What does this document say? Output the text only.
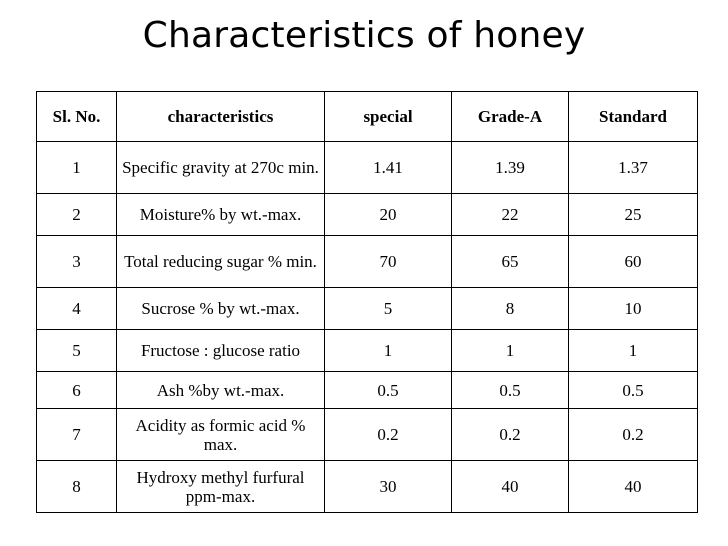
Characteristics of honey
Sl. No.	characteristics	special	Grade-A	Standard
1	Specific gravity at 270c min.	1.41	1.39	1.37
2	Moisture% by wt.-max.	20	22	25
3	Total reducing sugar % min.	70	65	60
4	Sucrose % by wt.-max.	5	8	10
5	Fructose : glucose ratio	1	1	1
6	Ash %by wt.-max.	0.5	0.5	0.5
7	Acidity as formic acid % max.	0.2	0.2	0.2
8	Hydroxy methyl furfural ppm-max.	30	40	40
